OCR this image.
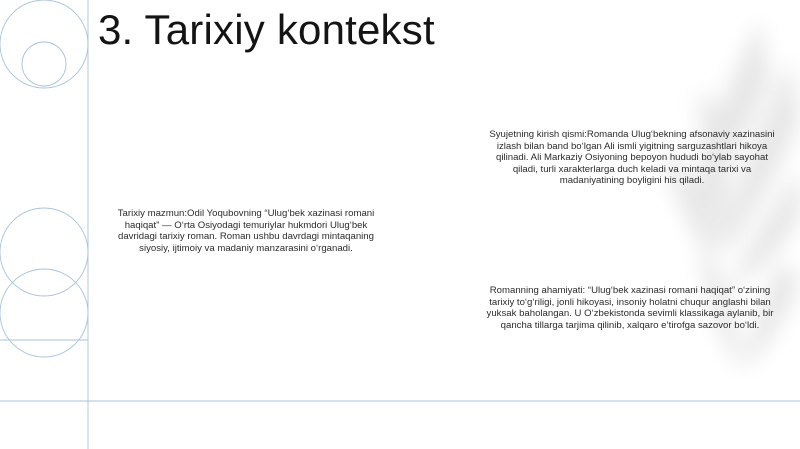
3. Tarixiy kontekst

Tarixiy mazmun:Odil Yoqubovning “Ulug‘bek xazinasi romani haqiqat” — O‘rta Osiyodagi temuriylar hukmdori Ulug‘bek davridagi tarixiy roman. Roman ushbu davrdagi mintaqaning siyosiy, ijtimoiy va madaniy manzarasini o‘rganadi.

Syujetning kirish qismi:Romanda Ulug‘bekning afsonaviy xazinasini izlash bilan band bo‘lgan Ali ismli yigitning sarguzashtlari hikoya qilinadi. Ali Markaziy Osiyoning bepoyon hududi bo‘ylab sayohat qiladi, turli xarakterlarga duch keladi va mintaqa tarixi va madaniyatining boyligini his qiladi.

Romanning ahamiyati: “Ulug‘bek xazinasi romani haqiqat” o‘zining tarixiy to‘g‘riligi, jonli hikoyasi, insoniy holatni chuqur anglashi bilan yuksak baholangan. U O‘zbekistonda sevimli klassikaga aylanib, bir qancha tillarga tarjima qilinib, xalqaro e’tirofga sazovor bo‘ldi.
